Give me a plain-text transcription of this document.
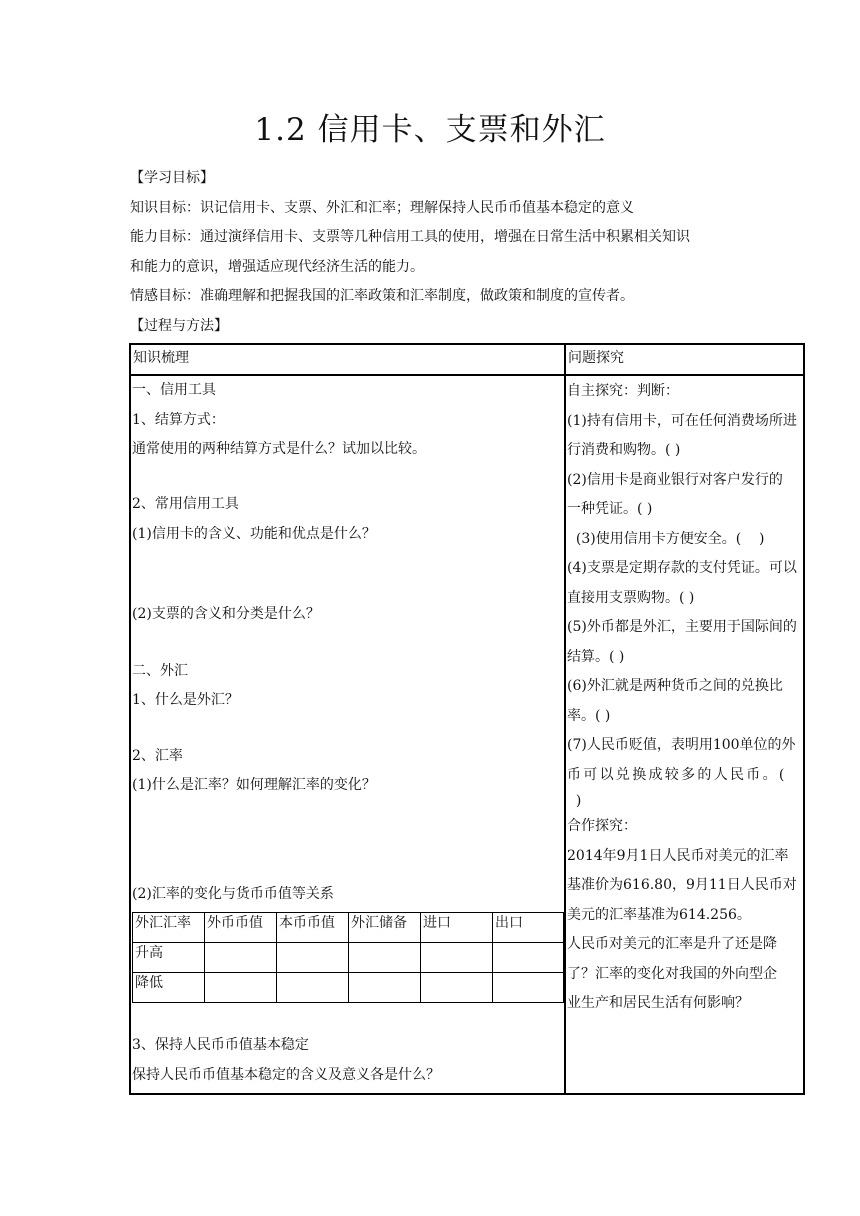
1.2 信用卡、支票和外汇
【学习目标】
知识目标：识记信用卡、支票、外汇和汇率；理解保持人民币币值基本稳定的意义
能力目标：通过演绎信用卡、支票等几种信用工具的使用，增强在日常生活中积累相关知识
和能力的意识，增强适应现代经济生活的能力。
情感目标：准确理解和把握我国的汇率政策和汇率制度，做政策和制度的宣传者。
【过程与方法】
知识梳理	问题探究
一、信用工具
1、结算方式：
通常使用的两种结算方式是什么？试加以比较。
2、常用信用工具
(1)信用卡的含义、功能和优点是什么？
(2)支票的含义和分类是什么？
二、外汇
1、什么是外汇？
2、汇率
(1)什么是汇率？如何理解汇率的变化？
(2)汇率的变化与货币币值等关系
3、保持人民币币值基本稳定
保持人民币币值基本稳定的含义及意义各是什么？
外汇汇率	外币币值	本币币值	外汇储备	进口	出口
升高					
降低					
自主探究：判断：
(1)持有信用卡，可在任何消费场所进
行消费和购物。( )
(2)信用卡是商业银行对客户发行的
一种凭证。( )
(3)使用信用卡方便安全。(    )
(4)支票是定期存款的支付凭证。可以
直接用支票购物。( )
(5)外币都是外汇，主要用于国际间的
结算。( )
(6)外汇就是两种货币之间的兑换比
率。( )
(7)人民币贬值，表明用100单位的外
币可以兑换成较多的人民币。(
)
合作探究：
2014年9月1日人民币对美元的汇率
基准价为616.80，9月11日人民币对
美元的汇率基准为614.256。
人民币对美元的汇率是升了还是降
了？汇率的变化对我国的外向型企
业生产和居民生活有何影响？
